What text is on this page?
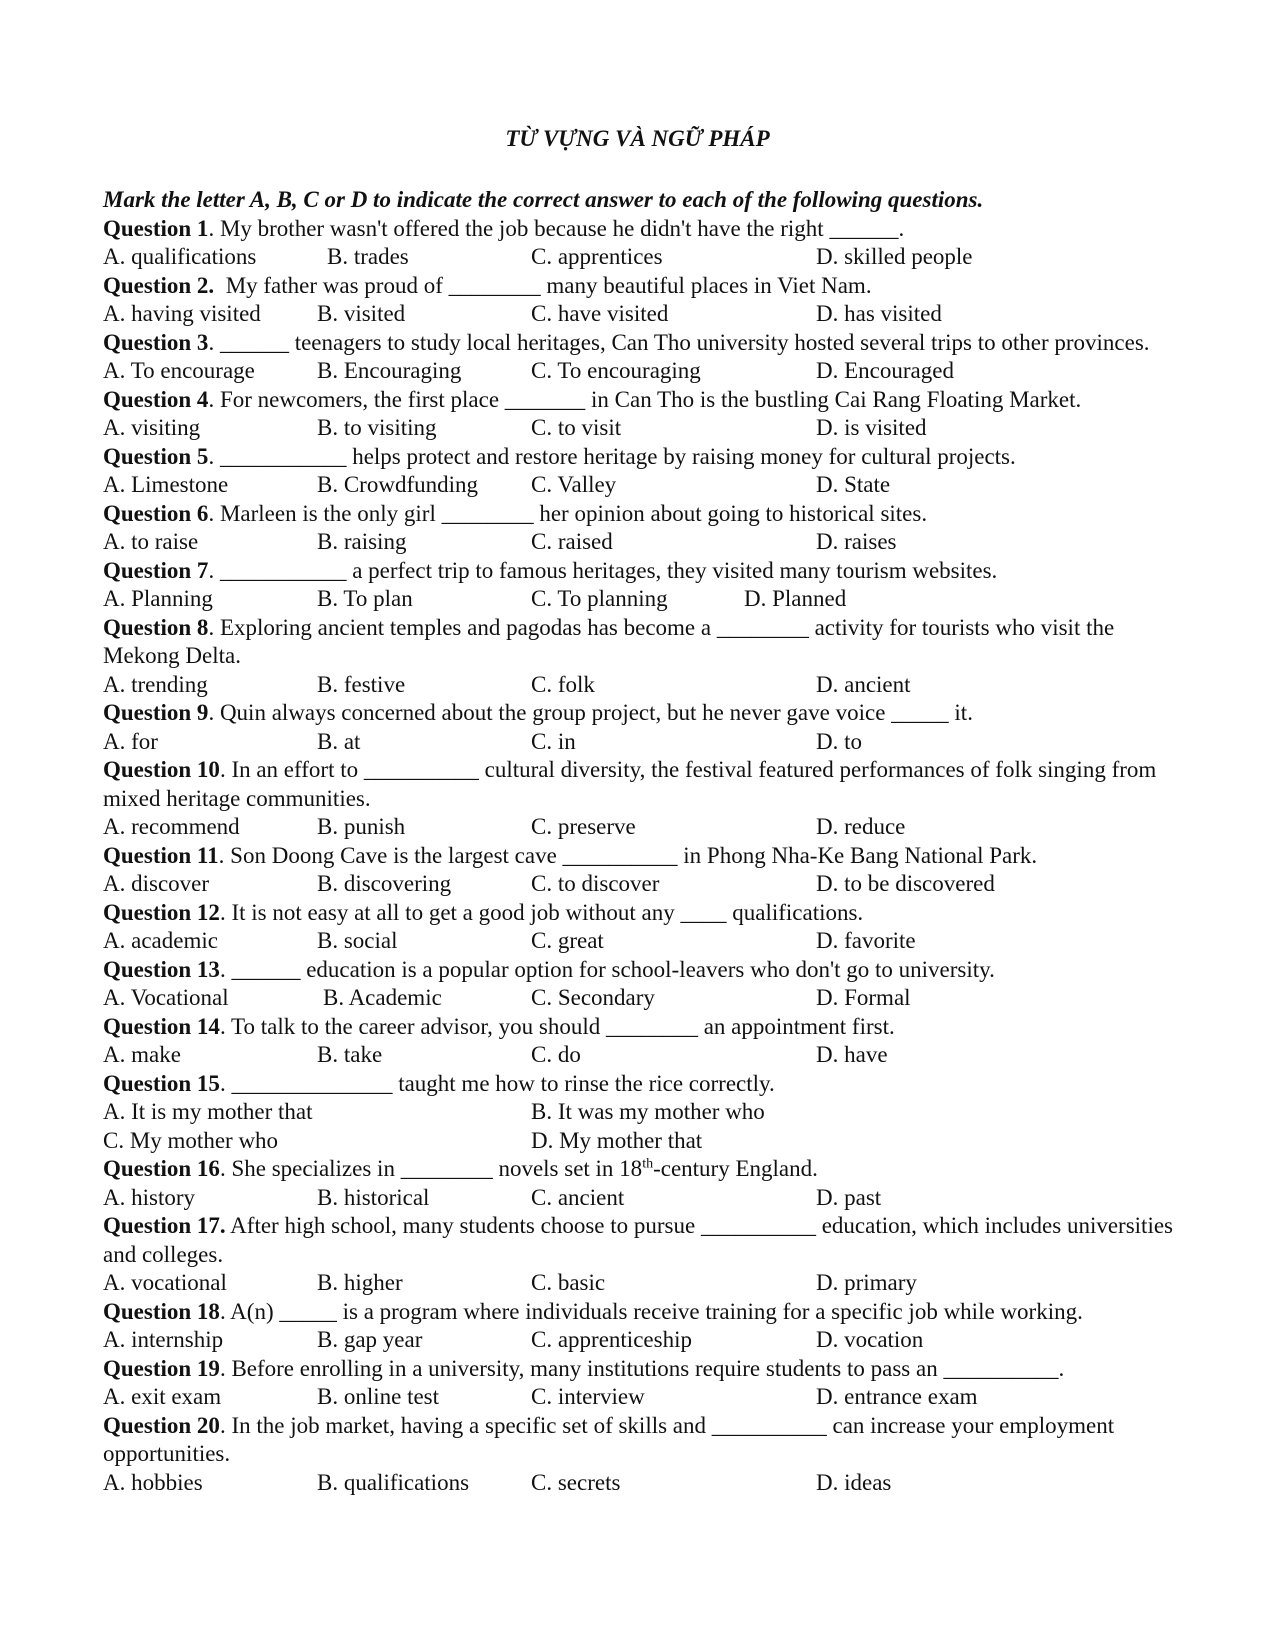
TỪ VỰNG VÀ NGỮ PHÁP
Mark the letter A, B, C or D to indicate the correct answer to each of the following questions.
Question 1. My brother wasn't offered the job because he didn't have the right ______.
A. qualifications	B. trades	C. apprentices	D. skilled people
Question 2.  My father was proud of ________ many beautiful places in Viet Nam.
A. having visited B. visited	C. have visited	D. has visited
Question 3. ______ teenagers to study local heritages, Can Tho university hosted several trips to other provinces.
A. To encourage	B. Encouraging	C. To encouraging	D. Encouraged
Question 4. For newcomers, the first place _______ in Can Tho is the bustling Cai Rang Floating Market.
A. visiting	B. to visiting	C. to visit	D. is visited
Question 5. ___________ helps protect and restore heritage by raising money for cultural projects.
A. Limestone	B. Crowdfunding C. Valley	D. State
Question 6. Marleen is the only girl ________ her opinion about going to historical sites.
A. to raise	B. raising	C. raised	D. raises
Question 7. ___________ a perfect trip to famous heritages, they visited many tourism websites.
A. Planning	B. To plan	C. To planning	D. Planned
Question 8. Exploring ancient temples and pagodas has become a ________ activity for tourists who visit the Mekong Delta.
A. trending	B. festive	C. folk	D. ancient
Question 9. Quin always concerned about the group project, but he never gave voice _____ it.
A. for	B. at	C. in	D. to
Question 10. In an effort to __________ cultural diversity, the festival featured performances of folk singing from mixed heritage communities.
A. recommend	B. punish	C. preserve	D. reduce
Question 11. Son Doong Cave is the largest cave __________ in Phong Nha-Ke Bang National Park.
A. discover	B. discovering	C. to discover	D. to be discovered
Question 12. It is not easy at all to get a good job without any ____ qualifications.
A. academic	B. social	C. great	D. favorite
Question 13. ______ education is a popular option for school-leavers who don't go to university.
A. Vocational	B. Academic	C. Secondary	D. Formal
Question 14. To talk to the career advisor, you should ________ an appointment first.
A. make	B. take	C. do	D. have
Question 15. ______________ taught me how to rinse the rice correctly.
A. It is my mother that	B. It was my mother who
C. My mother who	D. My mother that
Question 16. She specializes in ________ novels set in 18th-century England.
A. history	B. historical	C. ancient	D. past
Question 17. After high school, many students choose to pursue __________ education, which includes universities and colleges.
A. vocational	B. higher	C. basic	D. primary
Question 18. A(n) _____ is a program where individuals receive training for a specific job while working.
A. internship	B. gap year	C. apprenticeship	D. vocation
Question 19. Before enrolling in a university, many institutions require students to pass an __________.
A. exit exam	B. online test	C. interview	D. entrance exam
Question 20. In the job market, having a specific set of skills and __________ can increase your employment opportunities.
A. hobbies	B. qualifications	C. secrets	D. ideas
